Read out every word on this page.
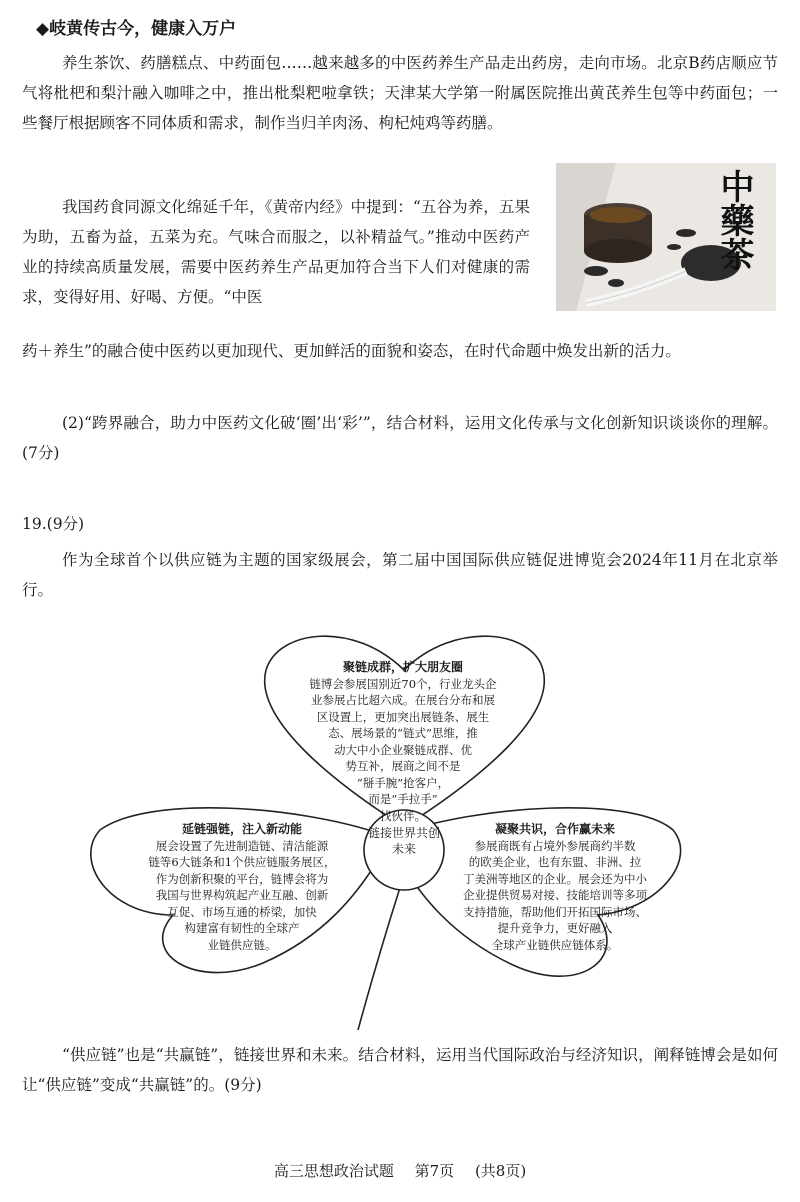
◆岐黄传古今，健康入万户
养生茶饮、药膳糕点、中药面包……越来越多的中医药养生产品走出药房，走向市场。北京B药店顺应节气将枇杷和梨汁融入咖啡之中，推出枇梨粑啦拿铁；天津某大学第一附属医院推出黄芪养生包等中药面包；一些餐厅根据顾客不同体质和需求，制作当归羊肉汤、枸杞炖鸡等药膳。
我国药食同源文化绵延千年，《黄帝内经》中提到：“五谷为养，五果为助，五畜为益，五菜为充。气味合而服之，以补精益气。”推动中医药产业的持续高质量发展，需要中医药养生产品更加符合当下人们对健康的需求，变得好用、好喝、方便。“中医
中藥茶
药＋养生”的融合使中医药以更加现代、更加鲜活的面貌和姿态，在时代命题中焕发出新的活力。
(2)“跨界融合，助力中医药文化破‘圈’出‘彩’”，结合材料，运用文化传承与文化创新知识谈谈你的理解。(7分)
19.(9分)
作为全球首个以供应链为主题的国家级展会，第二届中国国际供应链促进博览会2024年11月在北京举行。
链接世界共创未来
聚链成群，扩大朋友圈
链博会参展国别近70个，行业龙头企
业参展占比超六成。在展台分布和展
区设置上，更加突出展链条、展生
态、展场景的“链式”思维，推
动大中小企业聚链成群、优
势互补，展商之间不是
“掰手腕”抢客户，
而是“手拉手”
找伙伴。
延链强链，注入新动能
展会设置了先进制造链、清洁能源
链等6大链条和1个供应链服务展区，
作为创新积聚的平台，链博会将为
我国与世界构筑起产业互融、创新
互促、市场互通的桥梁，加快
构建富有韧性的全球产
业链供应链。
凝聚共识，合作赢未来
参展商既有占境外参展商约半数
的欧美企业，也有东盟、非洲、拉
丁美洲等地区的企业。展会还为中小
企业提供贸易对接、技能培训等多项
支持措施，帮助他们开拓国际市场、
提升竞争力，更好融入
全球产业链供应链体系。
“供应链”也是“共赢链”，链接世界和未来。结合材料，运用当代国际政治与经济知识，阐释链博会是如何让“供应链”变成“共赢链”的。(9分)
高三思想政治试题 第7页 (共8页)
